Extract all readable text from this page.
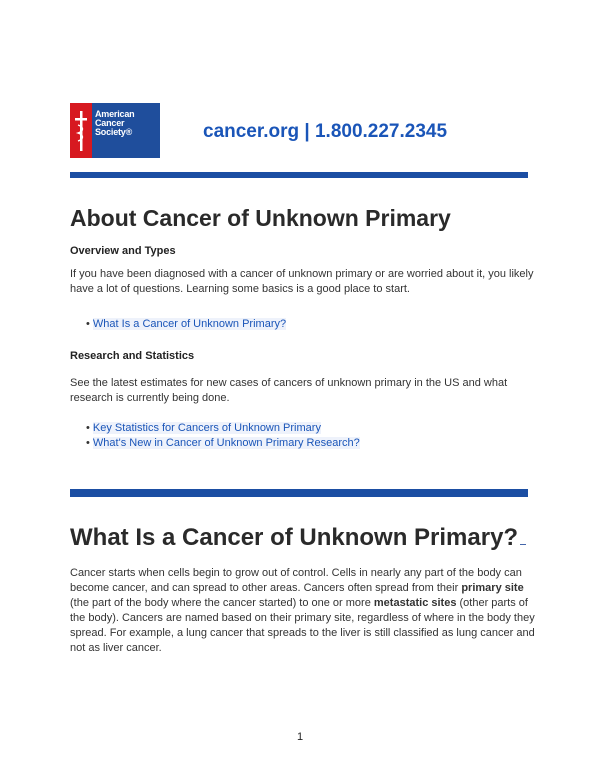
American
Cancer
Society®	cancer.org | 1.800.227.2345
About Cancer of Unknown Primary
Overview and Types
If you have been diagnosed with a cancer of unknown primary or are worried about it, you likely have a lot of questions. Learning some basics is a good place to start.
• What Is a Cancer of Unknown Primary?
Research and Statistics
See the latest estimates for new cases of cancers of unknown primary in the US and what research is currently being done.
• Key Statistics for Cancers of Unknown Primary
• What's New in Cancer of Unknown Primary Research?
What Is a Cancer of Unknown Primary?
Cancer starts when cells begin to grow out of control. Cells in nearly any part of the body can become cancer, and can spread to other areas. Cancers often spread from their primary site (the part of the body where the cancer started) to one or more metastatic sites (other parts of the body). Cancers are named based on their primary site, regardless of where in the body they spread. For example, a lung cancer that spreads to the liver is still classified as lung cancer and not as liver cancer.
1
